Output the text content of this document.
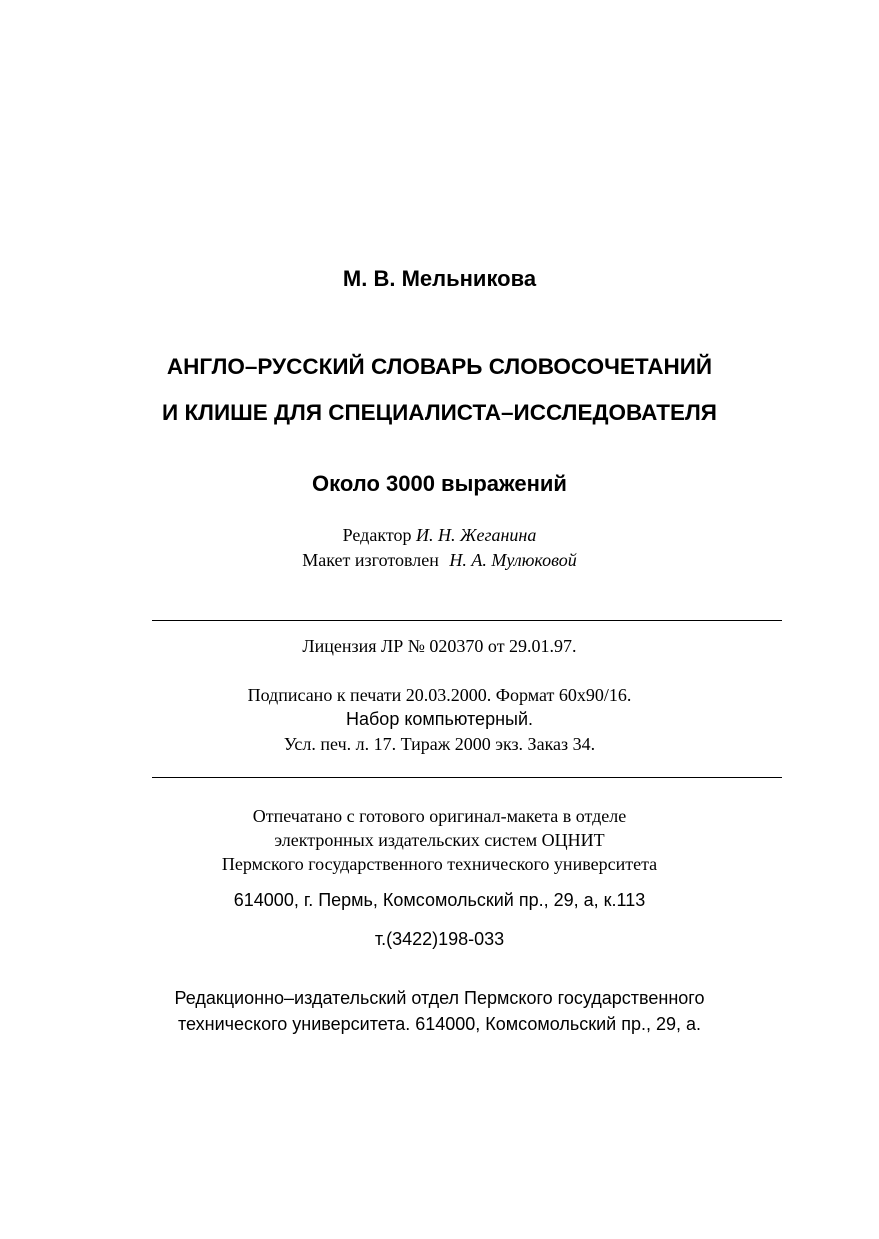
М. В. Мельникова
АНГЛО–РУССКИЙ СЛОВАРЬ СЛОВОСОЧЕТАНИЙ
И КЛИШЕ ДЛЯ СПЕЦИАЛИСТА–ИССЛЕДОВАТЕЛЯ
Около 3000 выражений
Редактор И. Н. Жеганина
Макет изготовлен Н. А. Мулюковой
Лицензия ЛР № 020370 от 29.01.97.
Подписано к печати 20.03.2000. Формат 60х90/16.
Набор компьютерный.
Усл. печ. л. 17. Тираж 2000 экз. Заказ 34.
Отпечатано с готового оригинал-макета в отделе
электронных издательских систем ОЦНИТ
Пермского государственного технического университета
614000, г. Пермь, Комсомольский пр., 29, а, к.113
т.(3422)198-033
Редакционно–издательский отдел Пермского государственного
технического университета. 614000, Комсомольский пр., 29, а.
